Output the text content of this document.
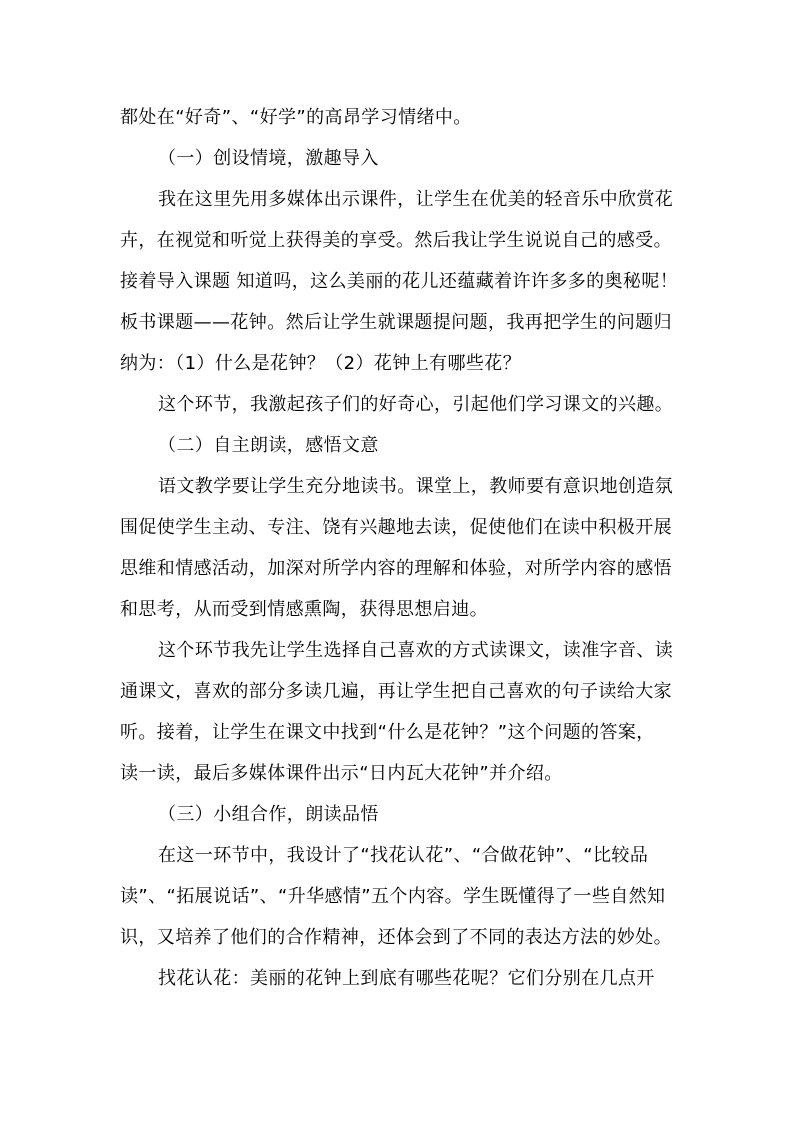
都处在“好奇”、“好学”的高昂学习情绪中。

（一）创设情境，激趣导入

我在这里先用多媒体出示课件，让学生在优美的轻音乐中欣赏花

卉，在视觉和听觉上获得美的享受。然后我让学生说说自己的感受。

接着导入课题 知道吗，这么美丽的花儿还蕴藏着许许多多的奥秘呢！

板书课题——花钟。然后让学生就课题提问题，我再把学生的问题归

纳为：（1）什么是花钟？（2）花钟上有哪些花？

这个环节，我激起孩子们的好奇心，引起他们学习课文的兴趣。

（二）自主朗读，感悟文意

语文教学要让学生充分地读书。课堂上，教师要有意识地创造氛

围促使学生主动、专注、饶有兴趣地去读，促使他们在读中积极开展

思维和情感活动，加深对所学内容的理解和体验，对所学内容的感悟

和思考，从而受到情感熏陶，获得思想启迪。

这个环节我先让学生选择自己喜欢的方式读课文，读准字音、读

通课文，喜欢的部分多读几遍，再让学生把自己喜欢的句子读给大家

听。接着，让学生在课文中找到“什么是花钟？”这个问题的答案，

读一读，最后多媒体课件出示“日内瓦大花钟”并介绍。

（三）小组合作，朗读品悟

在这一环节中，我设计了“找花认花”、“合做花钟”、“比较品

读”、“拓展说话”、“升华感情”五个内容。学生既懂得了一些自然知

识，又培养了他们的合作精神，还体会到了不同的表达方法的妙处。

找花认花：美丽的花钟上到底有哪些花呢？它们分别在几点开
